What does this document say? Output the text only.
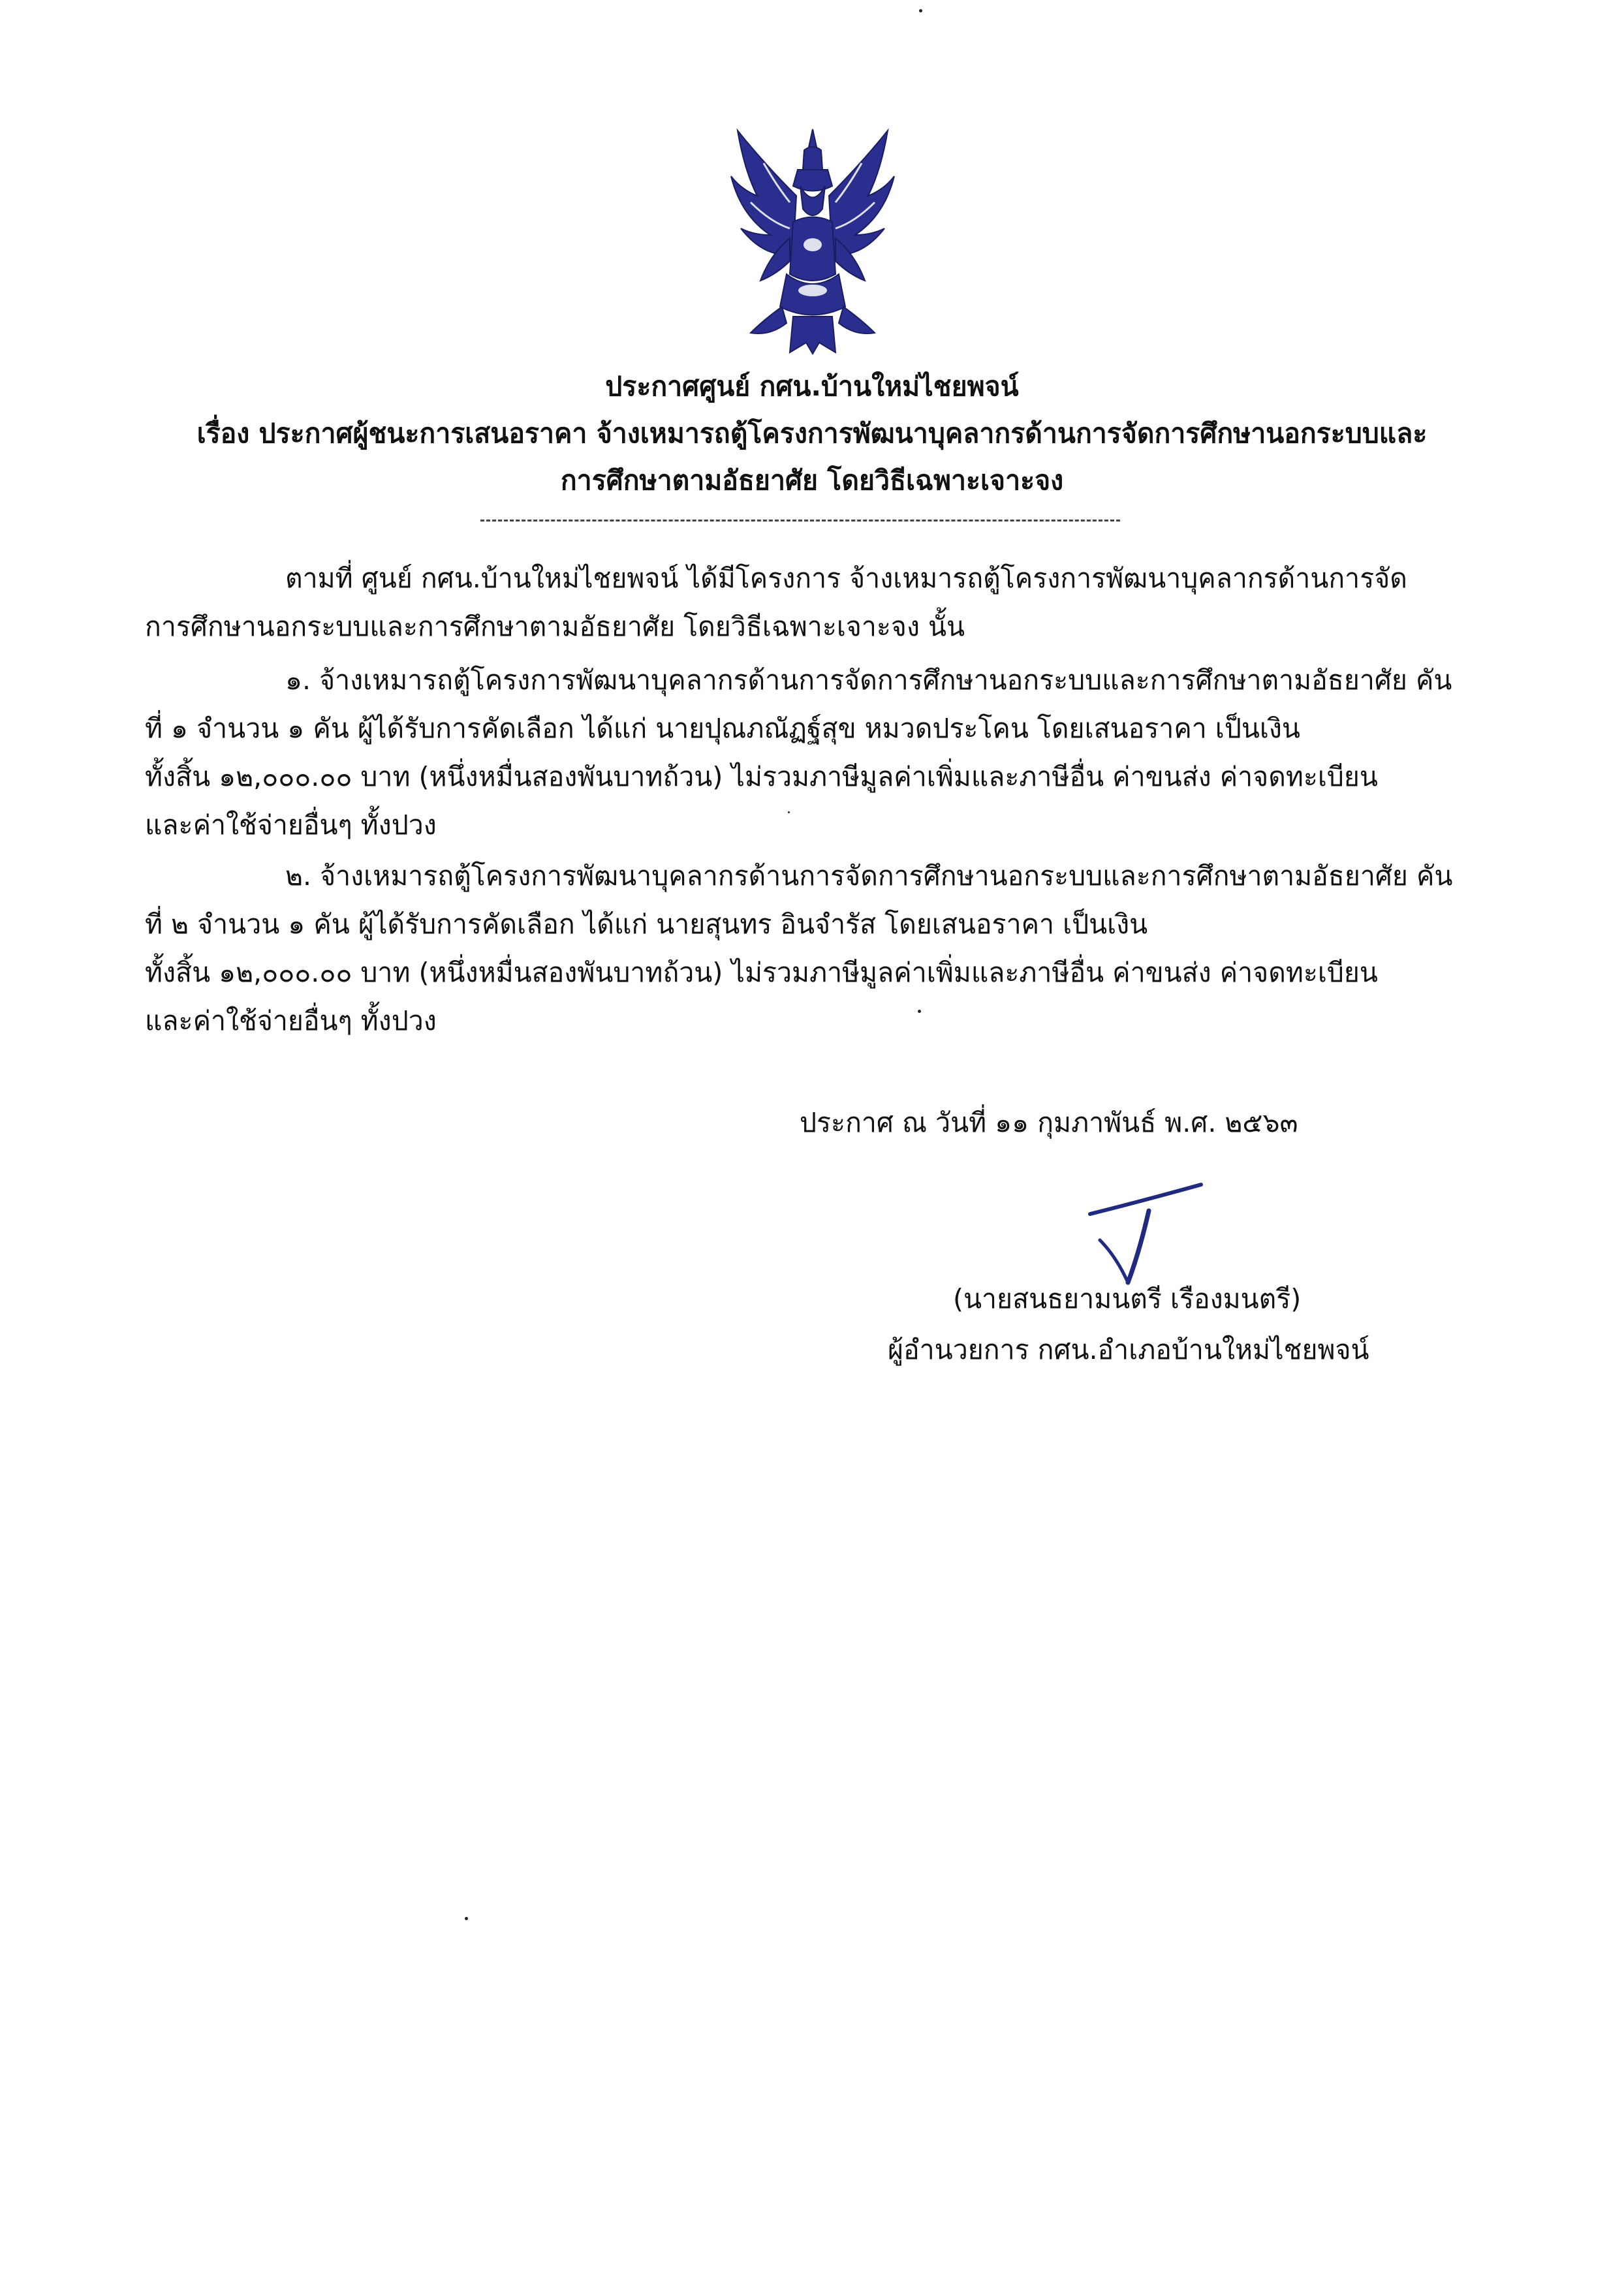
ประกาศศูนย์ กศน.บ้านใหม่ไชยพจน์
เรื่อง ประกาศผู้ชนะการเสนอราคา จ้างเหมารถตู้โครงการพัฒนาบุคลากรด้านการจัดการศึกษานอกระบบและ
การศึกษาตามอัธยาศัย โดยวิธีเฉพาะเจาะจง
ตามที่ ศูนย์ กศน.บ้านใหม่ไชยพจน์ ได้มีโครงการ จ้างเหมารถตู้โครงการพัฒนาบุคลากรด้านการจัด
การศึกษานอกระบบและการศึกษาตามอัธยาศัย โดยวิธีเฉพาะเจาะจง นั้น
๑. จ้างเหมารถตู้โครงการพัฒนาบุคลากรด้านการจัดการศึกษานอกระบบและการศึกษาตามอัธยาศัย คัน
ที่ ๑ จำนวน ๑ คัน ผู้ได้รับการคัดเลือก ได้แก่ นายปุณภณัฏฐ์สุข หมวดประโคน โดยเสนอราคา เป็นเงิน
ทั้งสิ้น ๑๒,๐๐๐.๐๐ บาท (หนึ่งหมื่นสองพันบาทถ้วน) ไม่รวมภาษีมูลค่าเพิ่มและภาษีอื่น ค่าขนส่ง ค่าจดทะเบียน
และค่าใช้จ่ายอื่นๆ ทั้งปวง
๒. จ้างเหมารถตู้โครงการพัฒนาบุคลากรด้านการจัดการศึกษานอกระบบและการศึกษาตามอัธยาศัย คัน
ที่ ๒ จำนวน ๑ คัน ผู้ได้รับการคัดเลือก ได้แก่ นายสุนทร อินจำรัส โดยเสนอราคา เป็นเงิน
ทั้งสิ้น ๑๒,๐๐๐.๐๐ บาท (หนึ่งหมื่นสองพันบาทถ้วน) ไม่รวมภาษีมูลค่าเพิ่มและภาษีอื่น ค่าขนส่ง ค่าจดทะเบียน
และค่าใช้จ่ายอื่นๆ ทั้งปวง
ประกาศ ณ วันที่ ๑๑ กุมภาพันธ์ พ.ศ. ๒๕๖๓
(นายสนธยามนตรี เรืองมนตรี)
ผู้อำนวยการ กศน.อำเภอบ้านใหม่ไชยพจน์
